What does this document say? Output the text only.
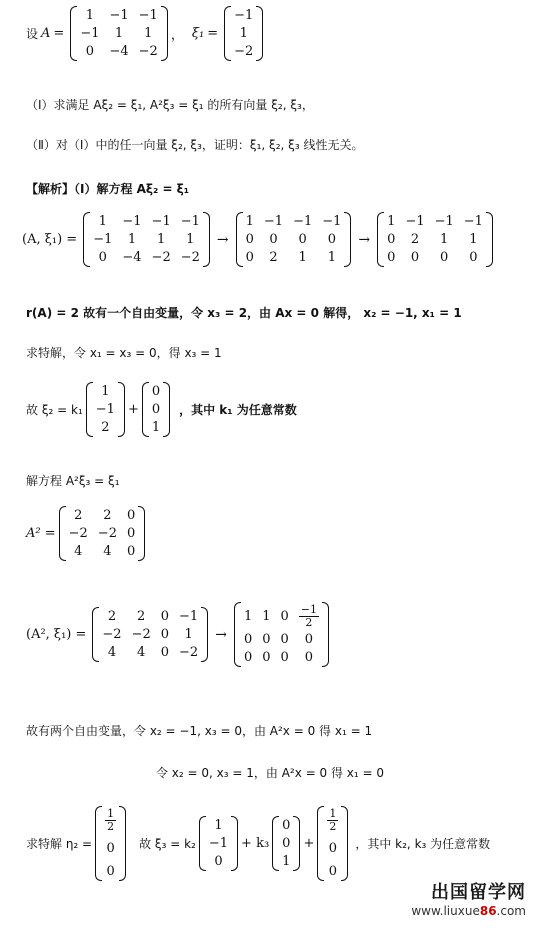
设 A =
1 −1 −1
−1 1 1
0 −4 −2
， ξ₁ =
−1
1
−2
（Ⅰ）求满足 Aξ₂ = ξ₁, A²ξ₃ = ξ₁ 的所有向量 ξ₂, ξ₃，
（Ⅱ）对（Ⅰ）中的任一向量 ξ₂, ξ₃，证明：ξ₁, ξ₂, ξ₃ 线性无关。
【解析】（Ⅰ）解方程 Aξ₂ = ξ₁
(A, ξ₁) =
1 −1 −1 −1
−1 1 1 1
0 −4 −2 −2
→
1 −1 −1 −1
0 0 0 0
0 2 1 1
→
1 −1 −1 −1
0 2 1 1
0 0 0 0
r(A) = 2 故有一个自由变量，令 x₃ = 2，由 Ax = 0 解得， x₂ = −1, x₁ = 1
求特解，令 x₁ = x₃ = 0，得 x₃ = 1
故 ξ₂ = k₁
1
−1
2
+
0
0
1
，其中 k₁ 为任意常数
解方程 A²ξ₃ = ξ₁
A² =
2 2 0
−2 −2 0
4 4 0
(A², ξ₁) =
2 2 0 −1
−2 −2 0 1
4 4 0 −2
→
1 1 $0 \frac{-1}{2}$
0 0 0 0
0 0 0 0
故有两个自由变量，令 x₂ = −1, x₃ = 0，由 A²x = 0 得 x₁ = 1
令 x₂ = 0, x₃ = 1，由 A²x = 0 得 x₁ = 0
求特解 η₂ =
$\frac{1}{2}$
0
0
故 ξ₃ = k₂
1
−1
0
+ k₃
0
0
1
+
$\frac{1}{2}$
0
0
，其中 k₂, k₃ 为任意常数
出国留学网
www.liuxue86.com
